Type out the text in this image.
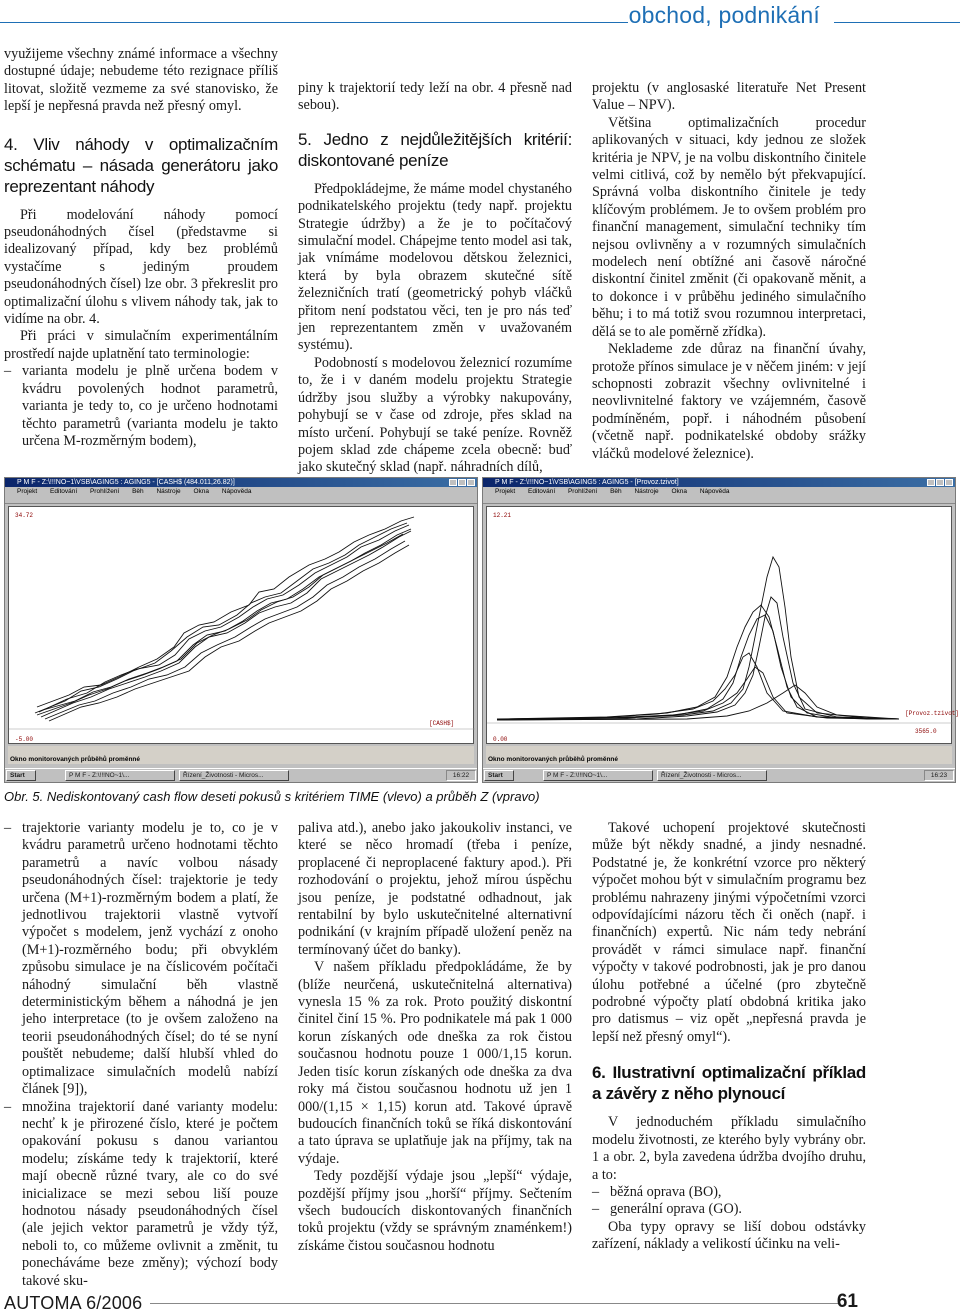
obchod, podnikání

využijeme všechny známé informace a všechny dostupné údaje; nebudeme této rezignace příliš litovat, složitě vezmeme za své stanovisko, že lepší je nepřesná pravda než přesný omyl.

4. Vliv náhody v optimalizačním schématu – násada generátoru jako reprezentant náhody

Při modelování náhody pomocí pseudonáhodných čísel (představme si idealizovaný případ, kdy bez problémů vystačíme s jediným proudem pseudonáhodných čísel) lze obr. 3 překreslit pro optimalizační úlohu s vlivem náhody tak, jak to vidíme na obr. 4.

Při práci v simulačním experimentálním prostředí najde uplatnění tato terminologie:

– varianta modelu je plně určena bodem v kvádru povolených hodnot parametrů, varianta je tedy to, co je určeno hodnotami těchto parametrů (varianta modelu je takto určena M-rozměrným bodem),

piny k trajektorií tedy leží na obr. 4 přesně nad sebou).

5. Jedno z nejdůležitějších kritérií: diskontované peníze

Předpokládejme, že máme model chystaného podnikatelského projektu (tedy např. projektu Strategie údržby) a že je to počítačový simulační model. Chápejme tento model asi tak, jak vnímáme modelovou dětskou železnici, která by byla obrazem skutečné sítě železničních tratí (geometrický pohyb vláčků přitom není podstatou věci, ten je pro nás teď jen reprezentantem změn v uvažovaném systému).

Podobností s modelovou železnicí rozumíme to, že i v daném modelu projektu Strategie údržby jsou služby a výrobky nakupovány, pohybují se v čase od zdroje, přes sklad na místo určení. Pohybují se také peníze. Rovněž pojem sklad zde chápeme zcela obecně: buď jako skutečný sklad (např. náhradních dílů,

projektu (v anglosaské literatuře Net Present Value – NPV).

Většina optimalizačních procedur aplikovaných v situaci, kdy jednou ze složek kritéria je NPV, je na volbu diskontního činitele velmi citlivá, což by nemělo být překvapující. Správná volba diskontního činitele je tedy klíčovým problémem. Je to ovšem problém pro finanční management, simulační techniky tím nejsou ovlivněny a v rozumných simulačních modelech není obtížné ani časově náročné diskontní činitel změnit (či opakovaně měnit, a to dokonce i v průběhu jediného simulačního běhu; i to má totiž svou rozumnou interpretaci, dělá se to ale poměrně zřídka).

Neklademe zde důraz na finanční úvahy, protože přínos simulace je v něčem jiném: v její schopnosti zobrazit všechny ovlivnitelné i neovlivnitelné faktory ve vzájemném, časově podmíněném, popř. i náhodném působení (včetně např. podnikatelské obdoby srážky vláčků modelové železnice).

P M F - Z:\!!!NO~1\VSB\AGING5 : AGING5 - [CASH$ (484.011,26.82)]
Projekt Editování Prohlížení Běh Nástroje Okna Nápověda
34.72
-5.00
[CASH$]
Okno monitorovaných průběhů proměnné
Start	P M F - Z:\!!!NO~1\...	Řízení_Životnosti - Micros...	16:22
P M F - Z:\!!!NO~1\VSB\AGING5 : AGING5 - [Provoz.tzivot]
Projekt Editování Prohlížení Běh Nástroje Okna Nápověda
12.21
0.00
[Provoz.tzivot]
3565.0
Okno monitorovaných průběhů proměnné
Start	P M F - Z:\!!!NO~1\...	Řízení_Životnosti - Micros...	16:23
Obr. 5. Nediskontovaný cash flow deseti pokusů s kritériem TIME (vlevo) a průběh Z (vpravo)

– trajektorie varianty modelu je to, co je v kvádru parametrů určeno hodnotami těchto parametrů a navíc volbou násady pseudonáhodných čísel: trajektorie je tedy určena (M+1)-rozměrným bodem a platí, že jednotlivou trajektorii vlastně vytvoří výpočet s modelem, jenž vychází z onoho (M+1)-rozměrného bodu; při obvyklém způsobu simulace je na číslicovém počítači náhodný simulační běh vlastně deterministickým během a náhodná je jen jeho interpretace (to je ovšem založeno na teorii pseudonáhodných čísel; do té se nyní pouštět nebudeme; další hlubší vhled do optimalizace simulačních modelů nabízí článek [9]),

– množina trajektorií dané varianty modelu: nechť k je přirozené číslo, které je počtem opakování pokusu s danou variantou modelu; získáme tedy k trajektorií, které mají obecně různé tvary, ale co do své inicializace se mezi sebou liší pouze hodnotou násady pseudonáhodných čísel (ale jejich vektor parametrů je vždy týž, neboli to, co můžeme ovlivnit a změnit, tu ponecháváme beze změny); výchozí body takové sku-

paliva atd.), anebo jako jakoukoliv instanci, ve které se něco hromadí (třeba i peníze, proplacené či neproplacené faktury apod.). Při rozhodování o projektu, jehož mírou úspěchu jsou peníze, je podstatné odhadnout, jak rentabilní by bylo uskutečnitelné alternativní podnikání (v krajním případě uložení peněz na termínovaný účet do banky).

V našem příkladu předpokládáme, že by (blíže neurčená, uskutečnitelná alternativa) vynesla 15 % za rok. Proto použitý diskontní činitel činí 15 %. Pro podnikatele má pak 1 000 korun získaných ode dneška za rok čistou současnou hodnotu pouze 1 000/1,15 korun. Jeden tisíc korun získaných ode dneška za dva roky má čistou současnou hodnotu už jen 1 000/(1,15 × 1,15) korun atd. Takové úpravě budoucích finančních toků se říká diskontování a tato úprava se uplatňuje jak na příjmy, tak na výdaje.

Tedy pozdější výdaje jsou „lepší“ výdaje, pozdější příjmy jsou „horší“ příjmy. Sečtením všech budoucích diskontovaných finančních toků projektu (vždy se správným znaménkem!) získáme čistou současnou hodnotu

Takové uchopení projektové skutečnosti může být někdy snadné, a jindy nesnadné. Podstatné je, že konkrétní vzorce pro některý výpočet mohou být v simulačním programu bez problému nahrazeny jinými výpočetními vzorci odpovídajícími názoru těch či oněch (např. i finančních) expertů. Nic nám tedy nebrání provádět v rámci simulace např. finanční výpočty v takové podrobnosti, jak je pro danou úlohu potřebné a účelné (pro zbytečně podrobné výpočty platí obdobná kritika jako pro datismus – viz opět „nepřesná pravda je lepší než přesný omyl“).

6. Ilustrativní optimalizační příklad a závěry z něho plynoucí

V jednoduchém příkladu simulačního modelu životnosti, ze kterého byly vybrány obr. 1 a obr. 2, byla zavedena údržba dvojího druhu, a to:

– běžná oprava (BO),

– generální oprava (GO).

Oba typy opravy se liší dobou odstávky zařízení, náklady a velikostí účinku na veli-

AUTOMA 6/2006	61
